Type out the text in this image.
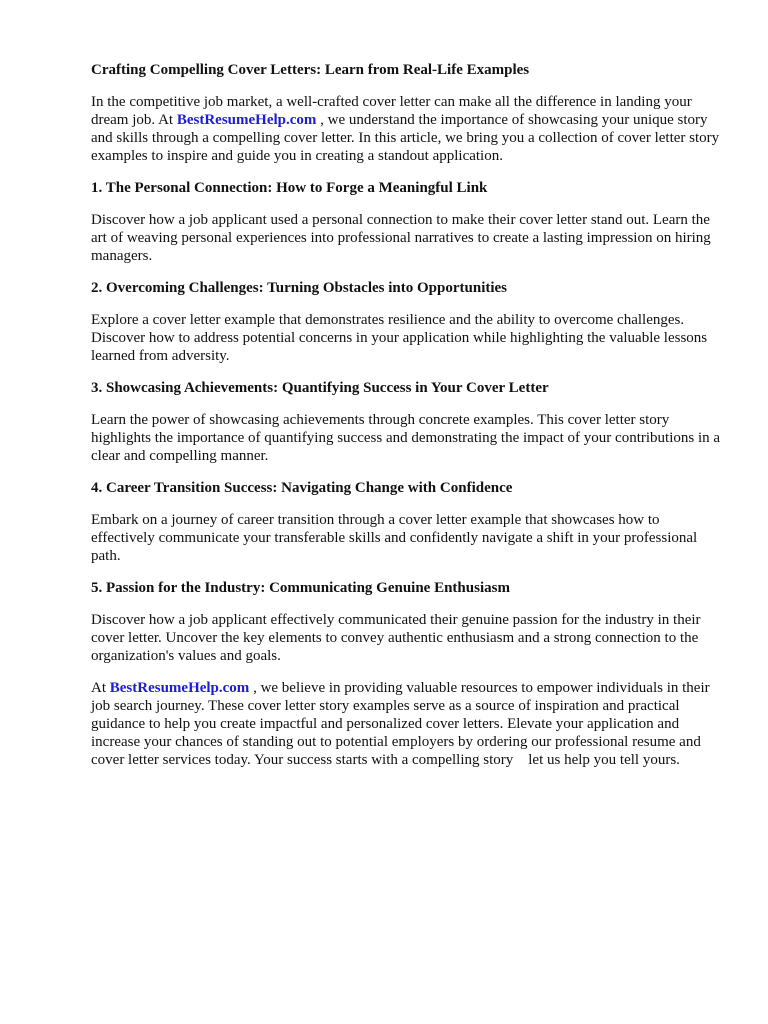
Crafting Compelling Cover Letters: Learn from Real-Life Examples

In the competitive job market, a well-crafted cover letter can make all the difference in landing your dream job. At BestResumeHelp.com , we understand the importance of showcasing your unique story and skills through a compelling cover letter. In this article, we bring you a collection of cover letter story examples to inspire and guide you in creating a standout application.

1. The Personal Connection: How to Forge a Meaningful Link

Discover how a job applicant used a personal connection to make their cover letter stand out. Learn the art of weaving personal experiences into professional narratives to create a lasting impression on hiring managers.

2. Overcoming Challenges: Turning Obstacles into Opportunities

Explore a cover letter example that demonstrates resilience and the ability to overcome challenges. Discover how to address potential concerns in your application while highlighting the valuable lessons learned from adversity.

3. Showcasing Achievements: Quantifying Success in Your Cover Letter

Learn the power of showcasing achievements through concrete examples. This cover letter story highlights the importance of quantifying success and demonstrating the impact of your contributions in a clear and compelling manner.

4. Career Transition Success: Navigating Change with Confidence

Embark on a journey of career transition through a cover letter example that showcases how to effectively communicate your transferable skills and confidently navigate a shift in your professional path.

5. Passion for the Industry: Communicating Genuine Enthusiasm

Discover how a job applicant effectively communicated their genuine passion for the industry in their cover letter. Uncover the key elements to convey authentic enthusiasm and a strong connection to the organization's values and goals.

At BestResumeHelp.com , we believe in providing valuable resources to empower individuals in their job search journey. These cover letter story examples serve as a source of inspiration and practical guidance to help you create impactful and personalized cover letters. Elevate your application and increase your chances of standing out to potential employers by ordering our professional resume and cover letter services today. Your success starts with a compelling story let us help you tell yours.
